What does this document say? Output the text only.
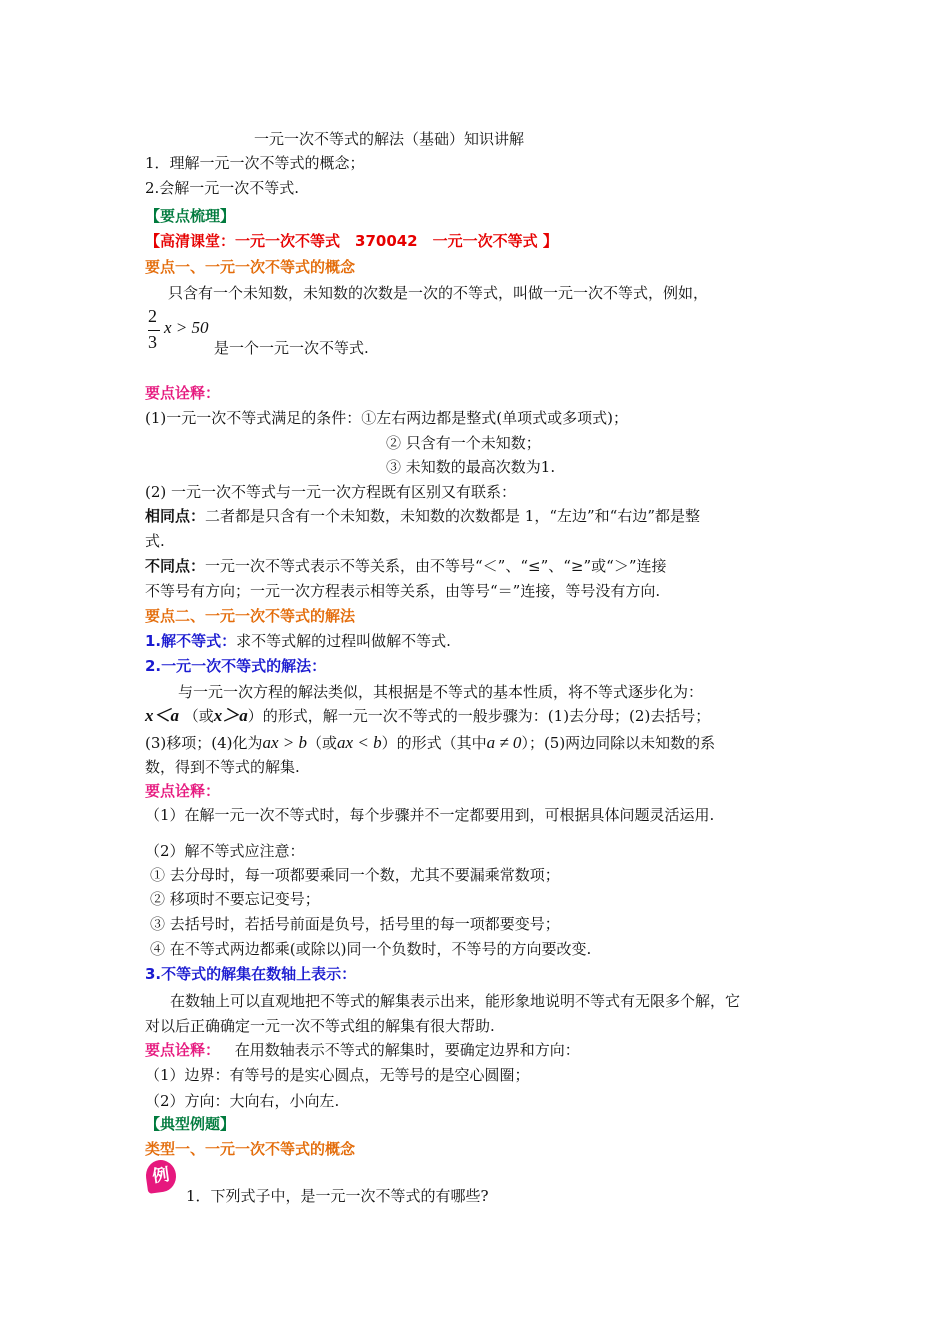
一元一次不等式的解法（基础）知识讲解
1．理解一元一次不等式的概念；
2.会解一元一次不等式.
【要点梳理】
【高清课堂：一元一次不等式　370042　一元一次不等式 】
要点一、一元一次不等式的概念
只含有一个未知数，未知数的次数是一次的不等式，叫做一元一次不等式，例如，
2
3
x > 50
是一个一元一次不等式.
要点诠释：
(1)一元一次不等式满足的条件：①左右两边都是整式(单项式或多项式)；
② 只含有一个未知数；
③ 未知数的最高次数为1.
(2) 一元一次不等式与一元一次方程既有区别又有联系：
相同点：二者都是只含有一个未知数，未知数的次数都是 1，“左边”和“右边”都是整
式.
不同点：一元一次不等式表示不等关系，由不等号“＜”、“≤”、“≥”或“＞”连接
不等号有方向；一元一次方程表示相等关系，由等号“＝”连接，等号没有方向.
要点二、一元一次不等式的解法
1.解不等式：求不等式解的过程叫做解不等式.
2.一元一次不等式的解法：
与一元一次方程的解法类似，其根据是不等式的基本性质，将不等式逐步化为：
x＜a （或x＞a）的形式，解一元一次不等式的一般步骤为：(1)去分母；(2)去括号；
(3)移项；(4)化为ax > b（或ax < b）的形式（其中a ≠ 0）；(5)两边同除以未知数的系
数，得到不等式的解集.
要点诠释：
（1）在解一元一次不等式时，每个步骤并不一定都要用到，可根据具体问题灵活运用.
（2）解不等式应注意：
① 去分母时，每一项都要乘同一个数，尤其不要漏乘常数项；
② 移项时不要忘记变号；
③ 去括号时，若括号前面是负号，括号里的每一项都要变号；
④ 在不等式两边都乘(或除以)同一个负数时，不等号的方向要改变.
3.不等式的解集在数轴上表示：
在数轴上可以直观地把不等式的解集表示出来，能形象地说明不等式有无限多个解，它
对以后正确确定一元一次不等式组的解集有很大帮助.
要点诠释： 在用数轴表示不等式的解集时，要确定边界和方向：
（1）边界：有等号的是实心圆点，无等号的是空心圆圈；
（2）方向：大向右，小向左.
【典型例题】
类型一、一元一次不等式的概念
例
1．下列式子中，是一元一次不等式的有哪些?
